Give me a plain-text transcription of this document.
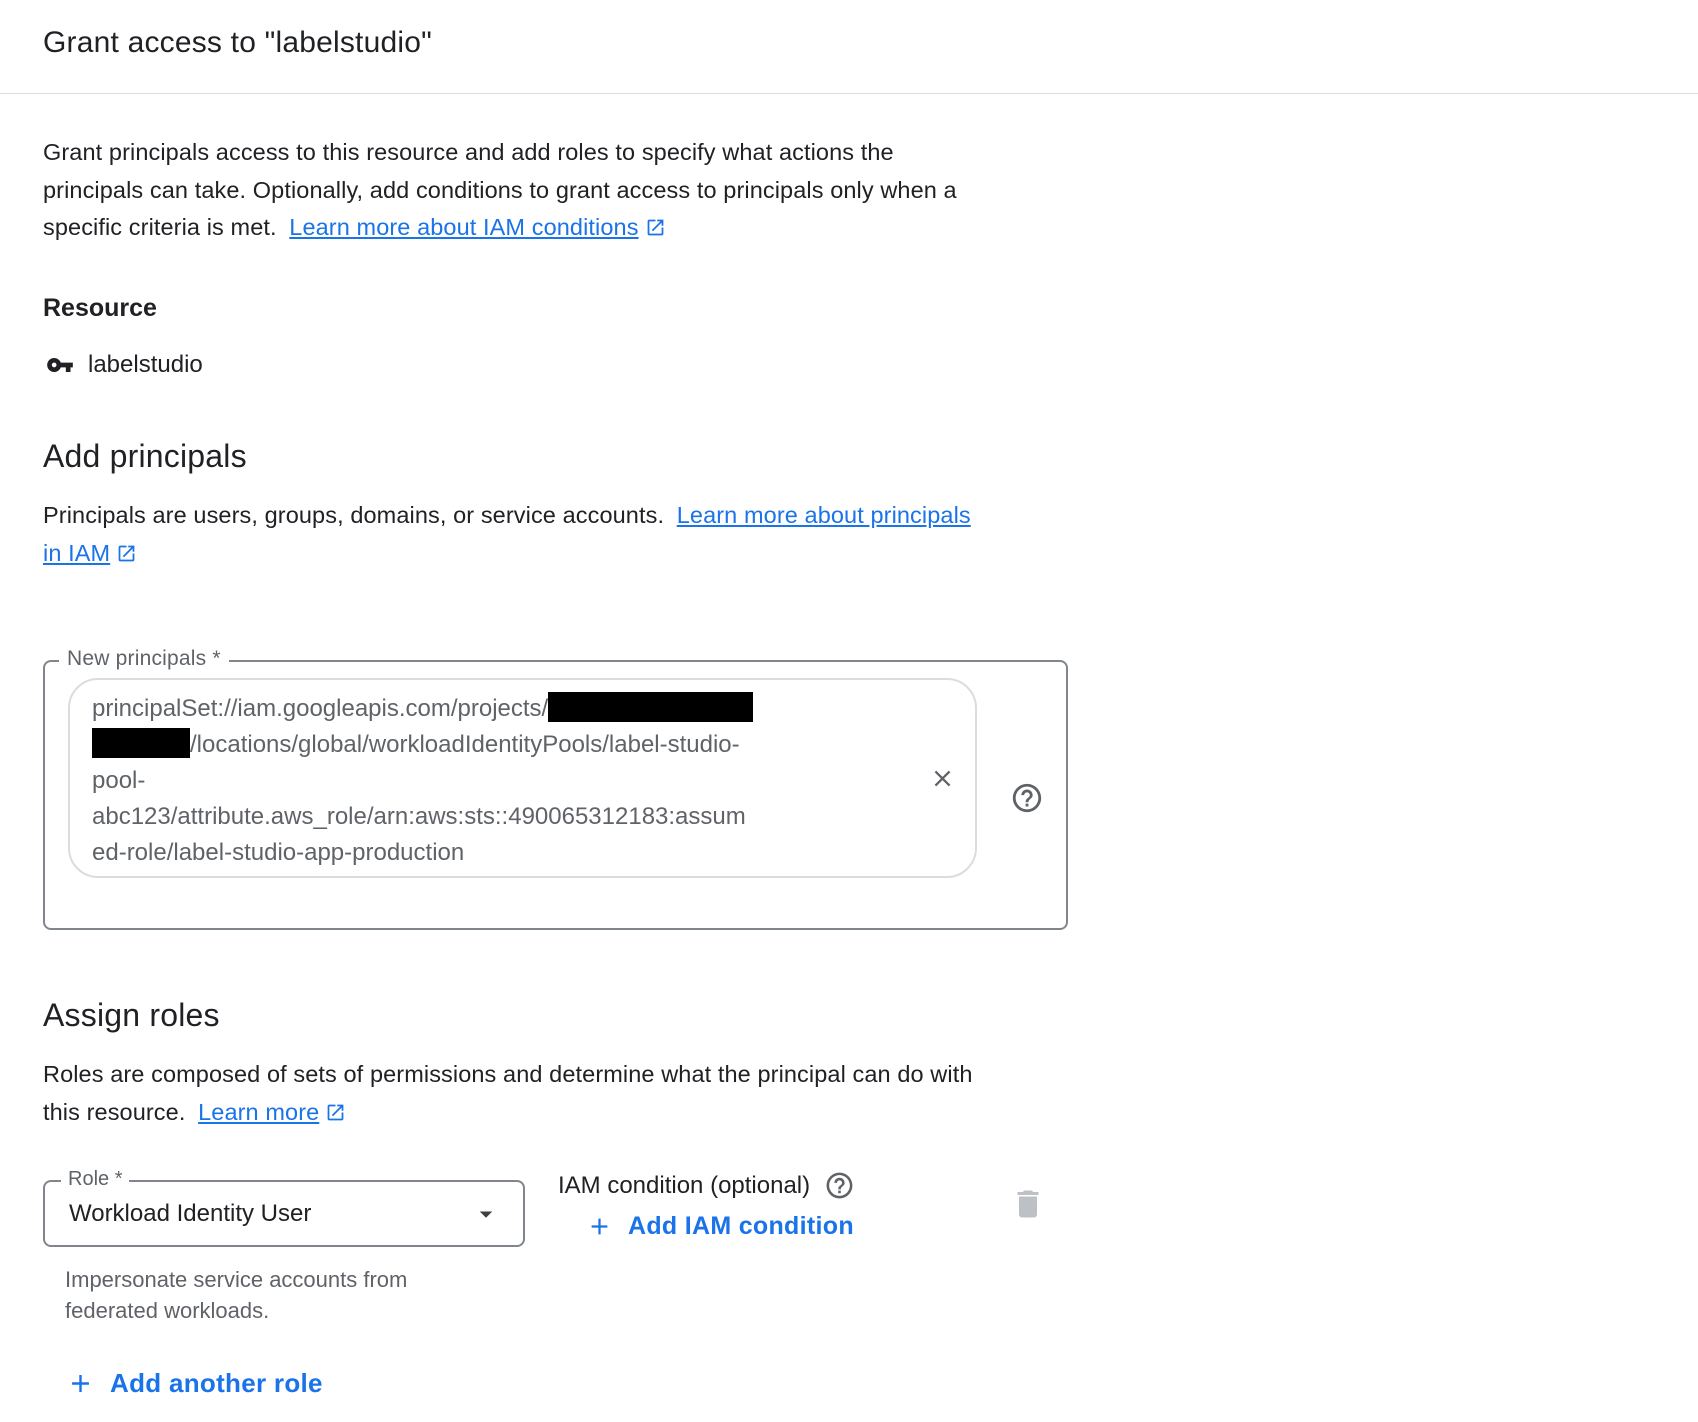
Grant access to "labelstudio"
Grant principals access to this resource and add roles to specify what actions the principals can take. Optionally, add conditions to grant access to principals only when a specific criteria is met. Learn more about IAM conditions
Resource
labelstudio
Add principals
Principals are users, groups, domains, or service accounts. Learn more about principals in IAM
New principals *
principalSet://iam.googleapis.com/projects/
/locations/global/workloadIdentityPools/label-studio-
pool-
abc123/attribute.aws_role/arn:aws:sts::490065312183:assum
ed-role/label-studio-app-production
Assign roles
Roles are composed of sets of permissions and determine what the principal can do with this resource. Learn more
Role *
Workload Identity User
Impersonate service accounts from federated workloads.
IAM condition (optional)
Add IAM condition
Add another role
